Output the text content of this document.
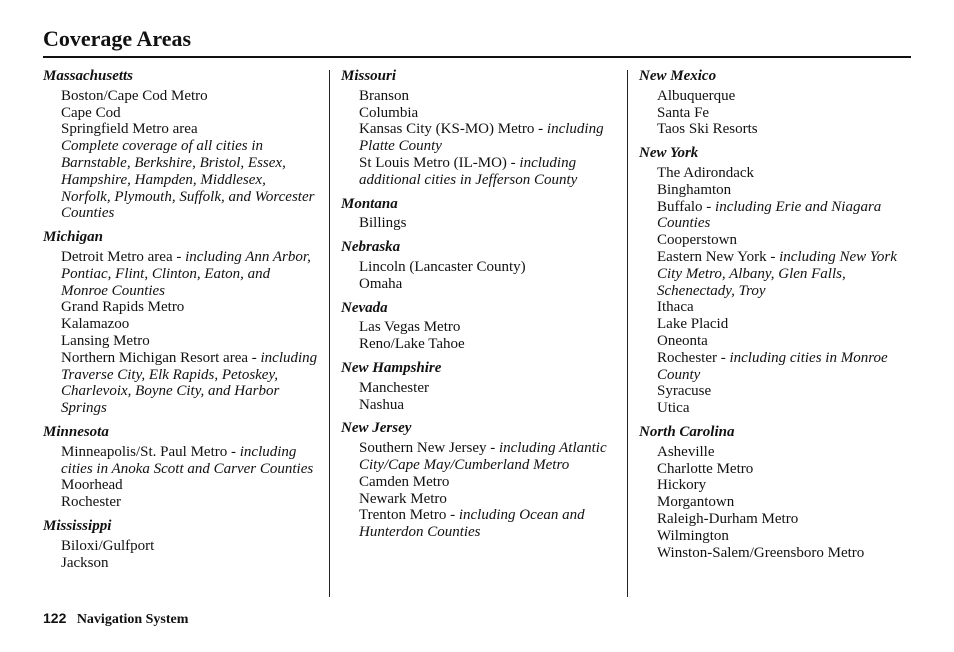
Coverage Areas
Massachusetts
Boston/Cape Cod Metro
Cape Cod
Springfield Metro area
Complete coverage of all cities in Barnstable, Berkshire, Bristol, Essex, Hampshire, Hampden, Middlesex, Norfolk, Plymouth, Suffolk, and Worcester Counties
Michigan
Detroit Metro area - including Ann Arbor, Pontiac, Flint, Clinton, Eaton, and Monroe Counties
Grand Rapids Metro
Kalamazoo
Lansing Metro
Northern Michigan Resort area - including Traverse City, Elk Rapids, Petoskey, Charlevoix, Boyne City, and Harbor Springs
Minnesota
Minneapolis/St. Paul Metro - including cities in Anoka Scott and Carver Counties
Moorhead
Rochester
Mississippi
Biloxi/Gulfport
Jackson
Missouri
Branson
Columbia
Kansas City (KS-MO) Metro - including Platte County
St Louis Metro (IL-MO) - including additional cities in Jefferson County
Montana
Billings
Nebraska
Lincoln (Lancaster County)
Omaha
Nevada
Las Vegas Metro
Reno/Lake Tahoe
New Hampshire
Manchester
Nashua
New Jersey
Southern New Jersey - including Atlantic City/Cape May/Cumberland Metro
Camden Metro
Newark Metro
Trenton Metro - including Ocean and Hunterdon Counties
New Mexico
Albuquerque
Santa Fe
Taos Ski Resorts
New York
The Adirondack
Binghamton
Buffalo - including Erie and Niagara Counties
Cooperstown
Eastern New York - including New York City Metro, Albany, Glen Falls, Schenectady, Troy
Ithaca
Lake Placid
Oneonta
Rochester - including cities in Monroe County
Syracuse
Utica
North Carolina
Asheville
Charlotte Metro
Hickory
Morgantown
Raleigh-Durham Metro
Wilmington
Winston-Salem/Greensboro Metro
122 Navigation System
